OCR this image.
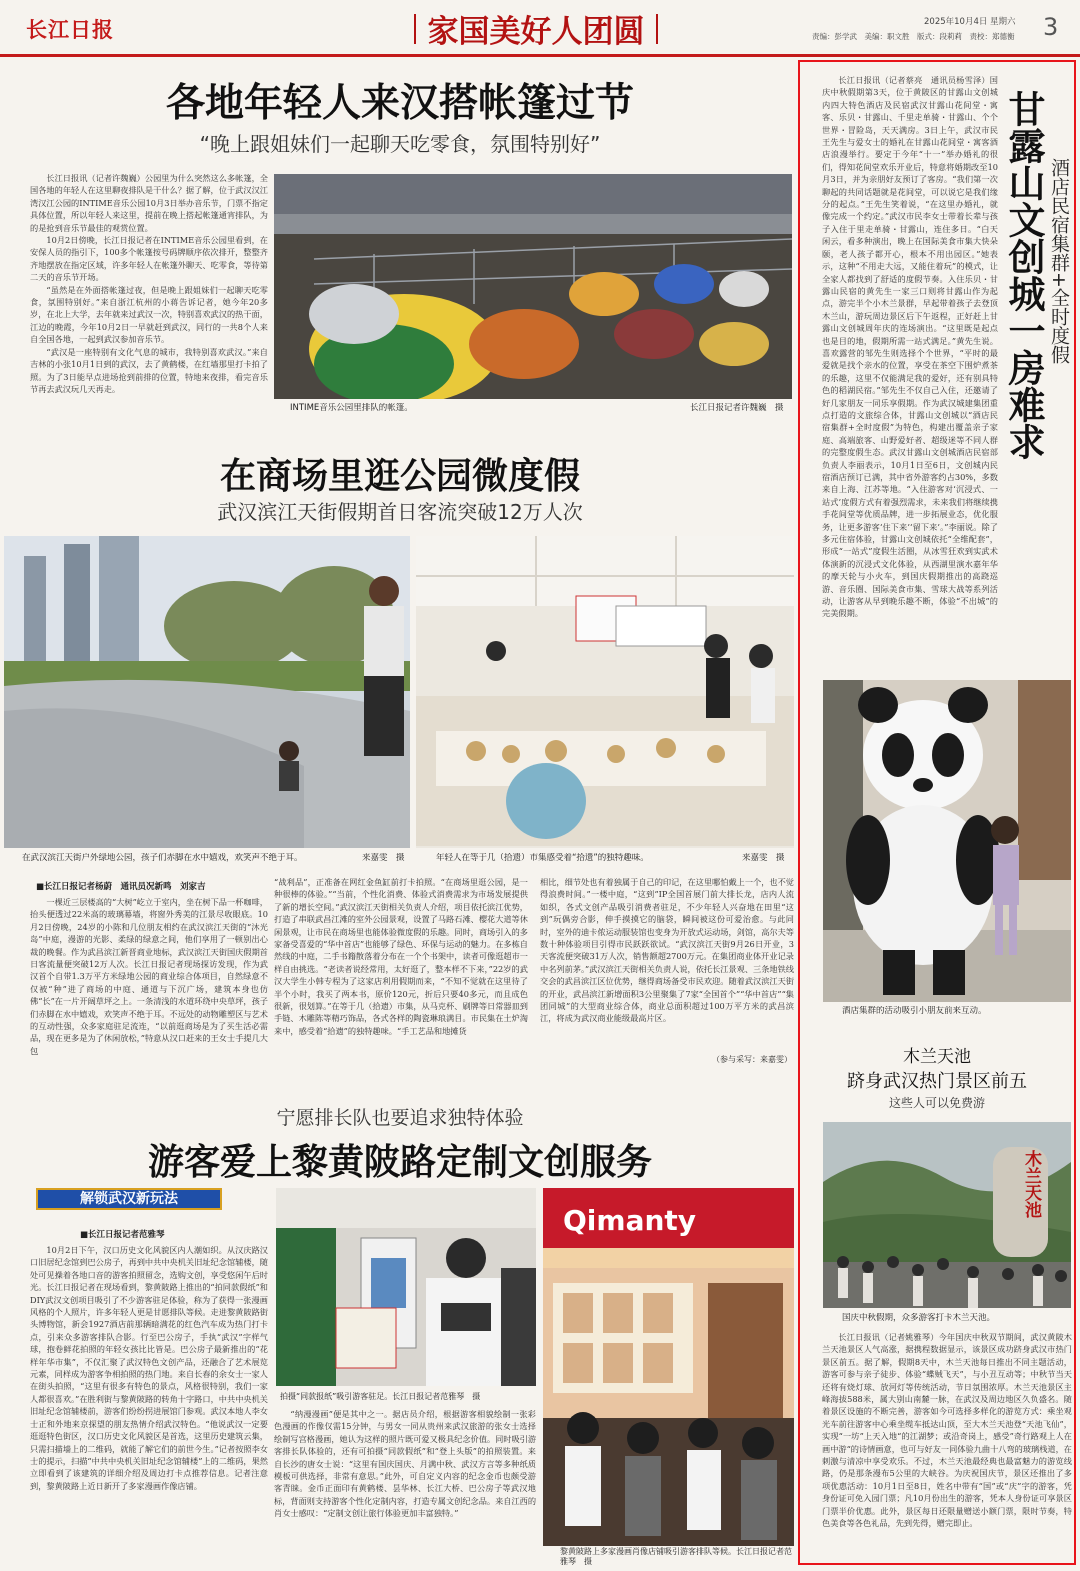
长江日报	家国美好人团圆	2025年10月4日 星期六 3
责编：彭学武　美编：职文胜　版式：段莉莉　责校：郑德衡
各地年轻人来汉搭帐篷过节
“晚上跟姐妹们一起聊天吃零食，氛围特别好”

长江日报讯（记者许魏巍）公园里为什么突然这么多帐篷，全国各地的年轻人在这里聊夜排队是干什么？据了解，位于武汉汉江湾汉江公园的INTIME音乐公园10月3日举办音乐节，门票不指定具体位置，所以年轻人来这里，提前在晚上搭起帐篷通宵排队，为的是抢到音乐节最佳的观赏位置。

10月2日傍晚，长江日报记者在INTIME音乐公园里看到，在安保人员的指引下，100多个帐篷按号码牌顺序依次排开，整整齐齐地摆放在指定区域，许多年轻人在帐篷外聊天、吃零食，等待第二天的音乐节开场。

“虽然是在外面搭帐篷过夜，但是晚上跟姐妹们一起聊天吃零食，氛围特别好。”来自浙江杭州的小蒋告诉记者，她今年20多岁，在北上大学，去年就来过武汉一次，特别喜欢武汉的热干面，江边的晚霞，今年10月2日一早就赶到武汉，同行的一共8个人来自全国各地，一起到武汉参加音乐节。

“武汉是一座特别有文化气息的城市，我特别喜欢武汉。”来自吉林的小张10月1日到的武汉，去了黄鹤楼，在红墙那里打卡拍了照。为了3日能早点进场抢到前排的位置，特地来夜排，看完音乐节再去武汉玩几天再走。

INTIME音乐公园里排队的帐篷。	长江日报记者许魏巍　摄
在商场里逛公园微度假
武汉滨江天街假期首日客流突破12万人次
在武汉滨江天街户外绿地公园，孩子们赤脚在水中嬉戏，欢笑声不绝于耳。	来嘉雯　摄	年轻人在等于几（拾遗）市集感受着“拾遗”的独特趣味。	来嘉雯　摄
■长江日报记者杨蔚　通讯员况新鸣　刘家吉

一棵近三层楼高的“大树”屹立于室内，坐在树下品一杯咖啡，抬头便透过22米高的玻璃幕墙，将窗外秀美的江景尽收眼底。10月2日傍晚，24岁的小陈和几位朋友相约在武汉滨江天街的“沐光岛”中庭，漫游的光影、柔绿的绿意之间，他们享用了一顿别出心裁的晚餐。作为武昌滨江新晋商业地标，武汉滨江天街国庆假期首日客流量便突破12万人次。长江日报记者现场探访发现，作为武汉首个自带1.3万平方米绿地公园的商业综合体项目，自然绿意不仅被“种”进了商场的中庭、通道与下沉广场，建筑本身也仿佛“长”在一片开阔草坪之上。一条清浅的水道环绕中央草坪，孩子们赤脚在水中嬉戏，欢笑声不绝于耳。不远处的动物雕塑区与艺术的互动性强，众多家庭驻足流连，“以前逛商场是为了买生活必需品，现在更多是为了休闲放松，”特意从汉口赶来的王女士手提几大包

“战利品”，正准备在网红金鱼缸前打卡拍照。“在商场里逛公园，是一种很棒的体验。”“当前，个性化消费、体验式消费需求为市场发展提供了新的增长空间。”武汉滨江天街相关负责人介绍，项目依托滨江优势，打造了串联武昌江滩的室外公园景观，设置了马路石滩、樱花大道等休闲景观，让市民在商场里也能体验微度假的乐趣。同时，商场引入的多家备受喜爱的“华中首店”也能够了绿色、环保与运动的魅力。在多栋自然线的中庭，二手书籍散落着分布在一个个书架中，读者可像逛超市一样自由挑选。“老读者说经常用，太好逛了，整本样不下来，”22岁的武汉大学生小韩专程为了这家店利用假期而来，“不知不觉就在这里待了半个小时，我买了两本书，原价120元，折后只要40多元，而且成色很新，很划算。”在等于几（拾遗）市集，从马克杯、刷牌等日常器皿到手链、木雕陈等精巧饰品，各式各样的陶瓷琳琅满目。市民集在土炉淘来中，感受着“拾遗”的独特趣味。“手工艺品和地摊货

相比，细节处也有着独属于自己的印记，在这里哪怕戴上一个，也不觉得浪费时间。”一楼中庭，“这到”IP全国首展门前大排长龙，店内人流如织，各式文创产品吸引消费者驻足，不少年轻人兴奋地在田里“这到”玩偶旁合影，伸手摸摸它的脑袋，瞬间被这份可爱治愈。与此同时，室外的迪卡侬运动服装馆也变身为开放式运动场，剑馆，高尔夫等数十种体验项目引得市民跃跃欲试。“武汉滨江天街9月26日开业，3天客流便突破31万人次，销售额超2700万元。在集团商业体开业记录中名列前茅。”武汉滨江天街相关负责人说，依托长江景观、三条地铁线交会的武昌滨江区位优势，继得商场备受市民欢迎。随着武汉滨江天街的开业，武昌滨江新增面积3公里聚集了7家“全国首个”“华中首店”“集团同城”的大型商业综合体，商业总面积超过100万平方米的武昌滨江，将成为武汉商业能级最高片区。

（参与采写：来嘉雯）
宁愿排长队也要追求独特体验
游客爱上黎黄陂路定制文创服务
解锁武汉新玩法
■长江日报记者范雅琴

10月2日下午，汉口历史文化风貌区内人潮如织。从汉庆路汉口旧居纪念馆到巴公房子，再到中共中央机关旧址纪念馆辅楼，随处可见操着各地口音的游客拍照留念，选购文创，享受悠闲午后时光。长江日报记者在现场看到，黎黄陂路上推出的“拍同款假纸”和DIY武汉文创项目吸引了不少游客驻足体验，称为了获得一张漫画风格的个人照片，许多年轻人更是甘愿排队等候。走进黎黄陂路街头博物馆，新会1927酒店前那辆暗满花的红色汽车成为热门打卡点，引来众多游客排队合影。行至巴公房子，手执“武汉”字样气球，抱卷鲜花拍照的年轻女孩比比皆是。巴公房子最新推出的“花样年华市集”，不仅汇聚了武汉特色文创产品，还融合了艺术展览元素，同样成为游客争相拍照的热门地。来自长春的余女士一家人在街头拍照，“这里有很多有特色的景点，风格很特别，我们一家人都很喜欢。”在胜利街与黎黄陂路的转角十字路口，中共中央机关旧址纪念馆辅楼前，游客们纷纷拐进展馆门参观。武汉本地人李女士正和外地来京探望的朋友热情介绍武汉特色。“他说武汉一定要逛逛特色街区，汉口历史文化风貌区是首选，这里历史建筑云集，只需扫描墙上的二维码，就能了解它们的前世今生。”记者按照李女士的提示，扫描“中共中央机关旧址纪念馆辅楼”上的二维码，果然立即看到了该建筑的详细介绍及周边打卡点推荐信息。记者注意到，黎黄陂路上近日新开了多家漫画作像店铺。

拍摄“同款报纸”吸引游客驻足。长江日报记者范雅琴　摄

“纳漫漫画”便是其中之一。据店员介绍，根据游客相貌绘制一张彩色漫画的作像仅需15分钟，与男女一同从贵州来武汉旅游的张女士选择绘制写宫格漫画，她认为这样的照片既可爱又极具纪念价值。同时吸引游客排长队体验的，还有可拍摄“同款假纸”和“登上头版”的拍照装置。来自长沙的唐女士说：“这里有国庆国庆、月满中秋、武汉方言等多种纸质模板可供选择，非常有意思。”此外，可自定义内容的纪念金币也颇受游客青睐。金币正面印有黄鹤楼、昙华林、长江大桥、巴公房子等武汉地标，背面则支持游客个性化定制内容，打造专属文创纪念品。来自江西的肖女士感叹：“定制文创让旅行体验更加丰富独特。”

Qimanty
黎黄陂路上多家漫画肖像店铺吸引游客排队等候。长江日报记者范雅琴　摄

长江日报讯（记者蔡亮　通讯员杨雪泽）国庆中秋假期第3天，位于黄陂区的甘露山文创城内四大特色酒店及民宿武汉甘露山花间堂・寓客、乐贝・甘露山、千里走单骑・甘露山、个个世界・冒险岛，天天满房。3日上午，武汉市民王先生与爱女士的婚礼在甘露山花间堂・寓客酒店浪漫举行。要定于今年“十一”举办婚礼的很们，得知花间堂欢乐开业后，特意将婚期改至10月3日，并为亲朋好友预订了客房。“我们第一次聊起的共同话题就是花间堂，可以说它是我们缘分的起点。”王先生笑着说，“在这里办婚礼，就像完成一个约定。”武汉市民李女士带着长辈与孩子入住于里走单骑・甘露山，连住多日。“白天闲云，看多种演出，晚上在国际美食市集大快朵颐，老人孩子都开心，根本不用出园区。”她表示，这种“不用走大远，又能住着玩”的模式，让全家人都找到了舒适的度假节奏。入住乐贝・甘露山民宿的黄先生一家三口则将甘露山作为起点，游完半个小木兰景群，早起带着孩子去登顶木兰山，游玩周边景区后下午返程，正好赶上甘露山文创城周年庆的连场演出。“这里既是起点也是目的地，假期所需一站式满足。”黄先生说。喜欢露营的邹先生则选择个个世界，“平时的最爱就是找个亲水的位置，享受在茶空下围炉煮茶的乐趣，这里不仅能满足我的爱好，还有别具特色的稻湖民宿。”邹先生不仅自己入住，还邀请了好几家朋友一同乐享假期。作为武汉城建集团重点打造的文旅综合体，甘露山文创城以“酒店民宿集群+全时度假”为特色，构建出覆盖亲子家庭、高端旅客、山野爱好者、超级迷等不同人群的完整度假生态。武汉甘露山文创城酒店民宿部负责人李丽表示，10月1日至6日，文创城内民宿酒店预订已满，其中省外游客约占30%，多数来自上海、江苏等地。“入住游客对‘沉浸式、一站式’度假方式有着强烈需求，未来我们将继续携手花间堂等优质品牌，进一步拓展业态，优化服务，让更多游客‘住下来’‘留下来’。”李丽说。除了多元住宿体验，甘露山文创城依托“全维配套”，形成“一站式”度假生活圈，从冰雪狂欢到实武术体演新的沉浸式文化体验，从西湖里演水嘉年华的摩天轮与小火车，到国庆假期推出的高跷巡游、音乐圈、国际美食市集、雪球大战等系列活动，让游客从早到晚乐趣不断，体验“不出城”的完美假期。

甘露山文创城一房难求 酒店民宿集群+全时度假
酒店集群的活动吸引小朋友前来互动。
木兰天池
跻身武汉热门景区前五
这些人可以免费游
木兰天池
国庆中秋假期，众多游客打卡木兰天池。

长江日报讯（记者姚雅琴）今年国庆中秋双节期间，武汉黄陂木兰天池景区人气高涨，据携程数据显示，该景区成功跻身武汉市热门景区前五。据了解，假期8天中，木兰天池每日推出不同主题活动，游客可参与亲子徒步、体验“蝶贼飞天”，与小丑互动等；中秋节当天还将有烧灯球、放河灯等传统活动，节日氛围浓厚。木兰天池景区主峰海拔588米，属大别山南麓一脉，在武汉及周边地区久负盛名。随着景区设施的不断完善，游客如今可选择多样化的游览方式：乘坐观光车前往游客中心乘坐缆车抵达山顶，至大木兰天池登“天池飞仙”，实现“一坊”上天入地“的江湖梦；或沿奇岗上，感受”奇行路观上人在画中游“的诗情画意，也可与好友一同体验九曲十八弯的玻璃栈道，在刺激与清凉中享受欢乐。不过，木兰天池最经典也最富魅力的游览线路，仍是那条漫布5公里的大峡谷。为庆祝国庆节，景区还推出了多项优惠活动：10月1日至8日，姓名中带有“国”或“庆”字的游客，凭身份证可免入园门票；凡10月份出生的游客，凭本人身份证可享景区门票半价优惠。此外，景区每日还限量赠送小额门票，限时节奏，特色美食等各色礼品，先到先得，赠完即止。
